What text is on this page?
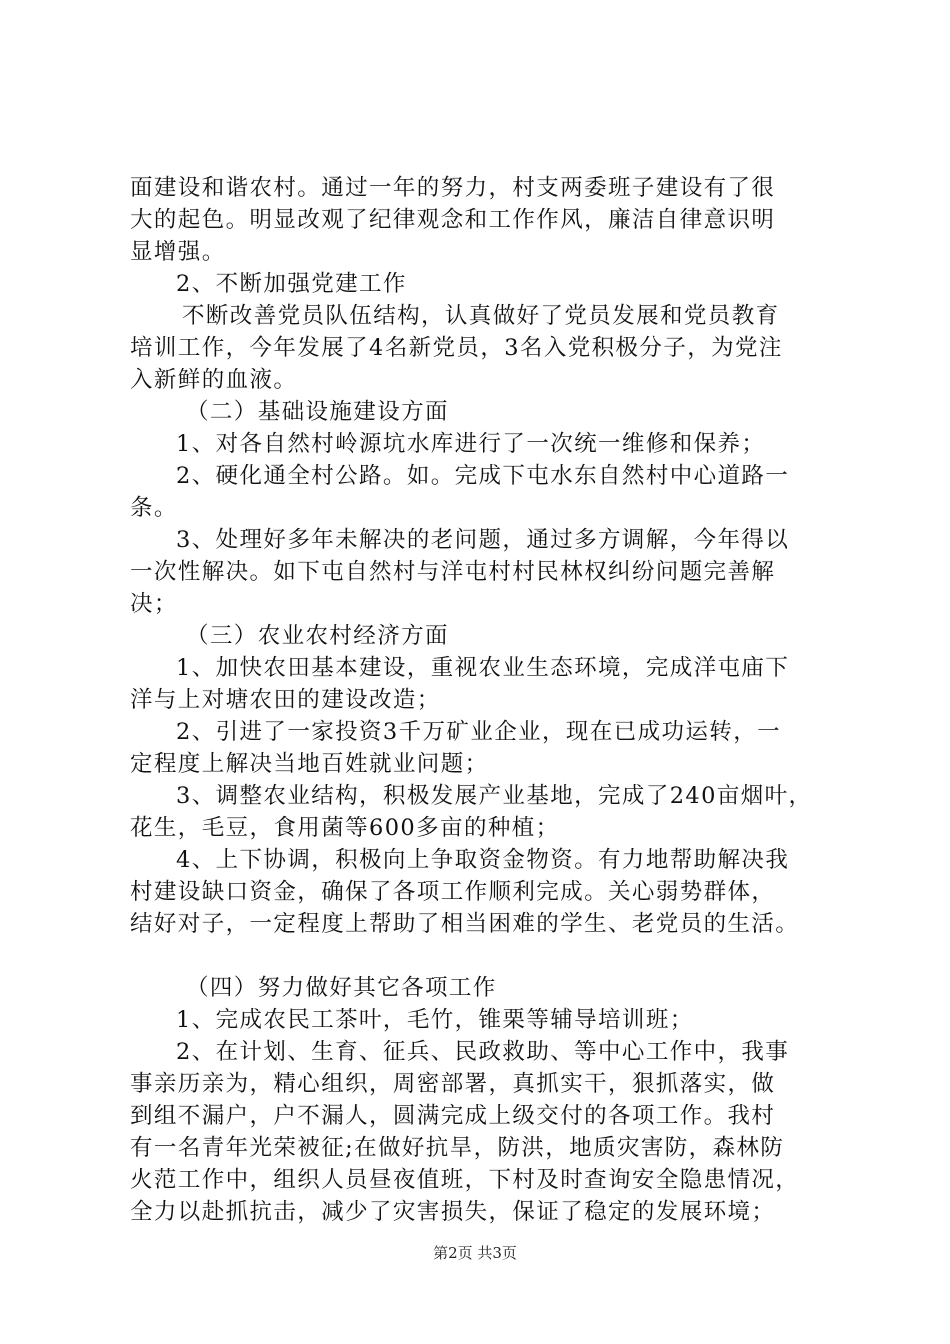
面建设和谐农村。通过一年的努力，村支两委班子建设有了很
大的起色。明显改观了纪律观念和工作作风，廉洁自律意识明
显增强。
2、不断加强党建工作
不断改善党员队伍结构，认真做好了党员发展和党员教育
培训工作，今年发展了4名新党员，3名入党积极分子，为党注
入新鲜的血液。
（二）基础设施建设方面
1、对各自然村岭源坑水库进行了一次统一维修和保养；
2、硬化通全村公路。如。完成下屯水东自然村中心道路一
条。
3、处理好多年未解决的老问题，通过多方调解，今年得以
一次性解决。如下屯自然村与洋屯村村民林权纠纷问题完善解
决；
（三）农业农村经济方面
1、加快农田基本建设，重视农业生态环境，完成洋屯庙下
洋与上对塘农田的建设改造；
2、引进了一家投资3千万矿业企业，现在已成功运转，一
定程度上解决当地百姓就业问题；
3、调整农业结构，积极发展产业基地，完成了240亩烟叶，
花生，毛豆，食用菌等600多亩的种植；
4、上下协调，积极向上争取资金物资。有力地帮助解决我
村建设缺口资金，确保了各项工作顺利完成。关心弱势群体，
结好对子，一定程度上帮助了相当困难的学生、老党员的生活。
（四）努力做好其它各项工作
1、完成农民工茶叶，毛竹，锥栗等辅导培训班；
2、在计划、生育、征兵、民政救助、等中心工作中，我事
事亲历亲为，精心组织，周密部署，真抓实干，狠抓落实，做
到组不漏户，户不漏人，圆满完成上级交付的各项工作。我村
有一名青年光荣被征;在做好抗旱，防洪，地质灾害防，森林防
火范工作中，组织人员昼夜值班，下村及时查询安全隐患情况，
全力以赴抓抗击，减少了灾害损失，保证了稳定的发展环境；
第2页 共3页
